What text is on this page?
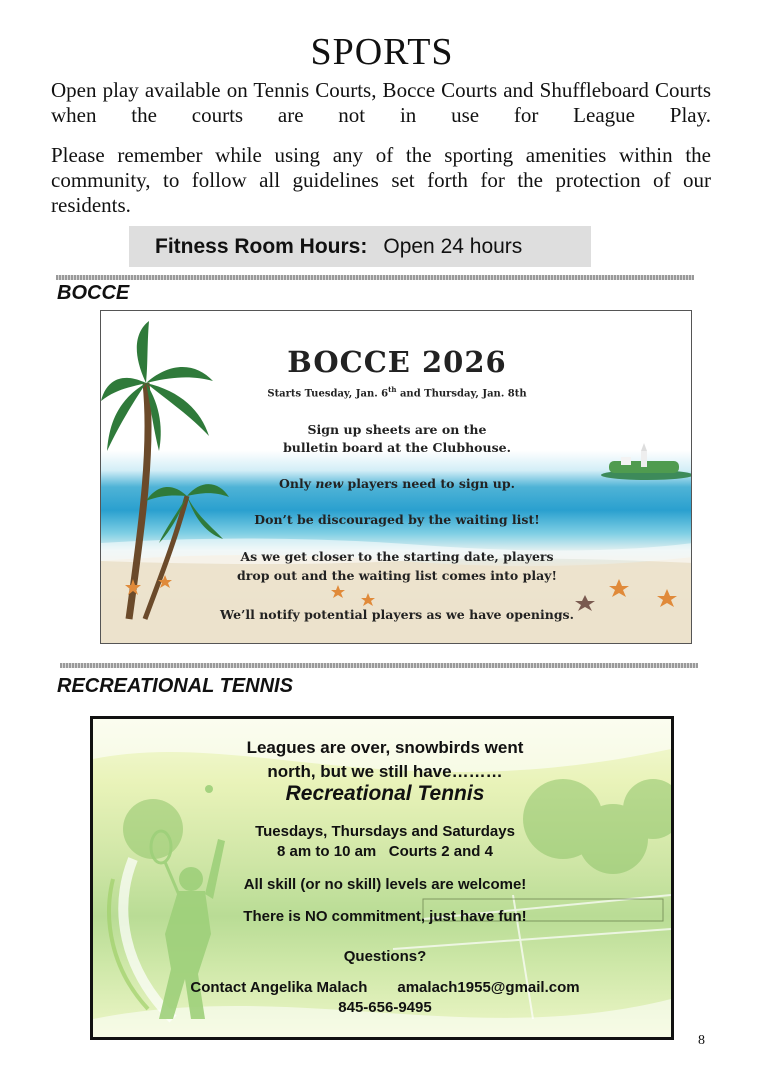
SPORTS
Open play available on Tennis Courts, Bocce Courts and Shuffleboard Courts when the courts are not in use for League Play.
Please remember while using any of the sporting amenities within the community, to follow all guidelines set forth for the protection of our residents.
Fitness Room Hours: Open 24 hours
BOCCE
BOCCE 2026
Starts Tuesday, Jan. 6th and Thursday, Jan. 8th
Sign up sheets are on the
bulletin board at the Clubhouse.
Only new players need to sign up.
Don’t be discouraged by the waiting list!
As we get closer to the starting date, players
drop out and the waiting list comes into play!
We’ll notify potential players as we have openings.
RECREATIONAL TENNIS
Leagues are over, snowbirds went
north, but we still have………
Recreational Tennis
Tuesdays, Thursdays and Saturdays
8 am to 10 am   Courts 2 and 4
All skill (or no skill) levels are welcome!
There is NO commitment, just have fun!
Questions?
Contact Angelika Malach amalach1955@gmail.com
845-656-9495
8
